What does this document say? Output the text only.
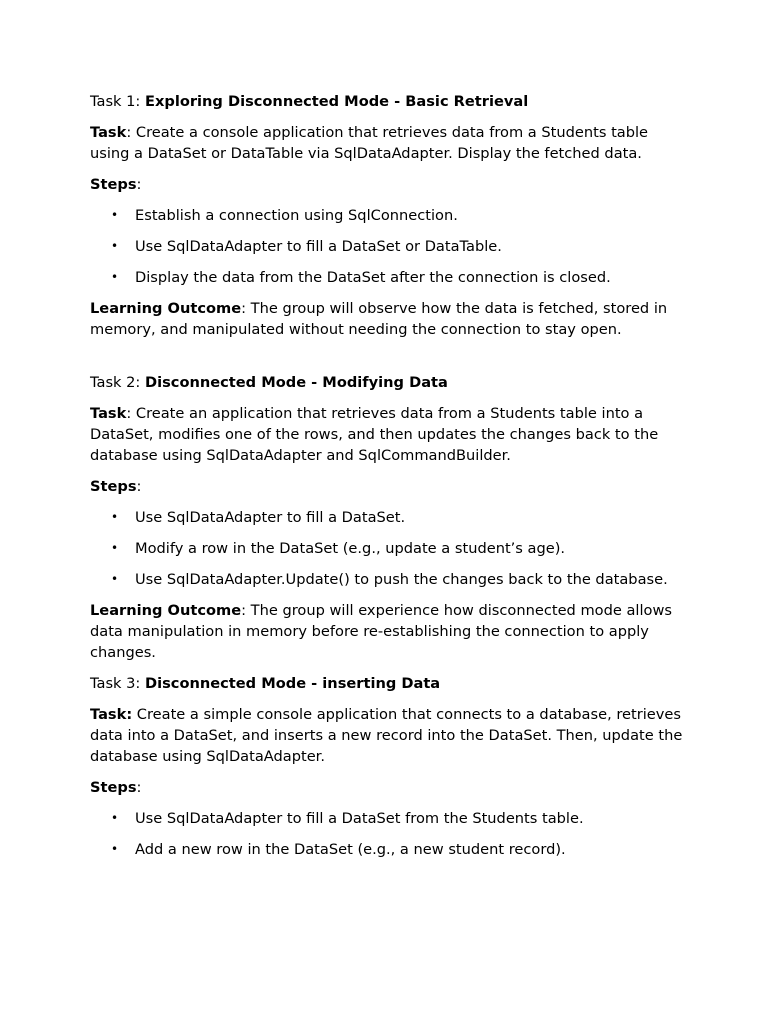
Task 1: Exploring Disconnected Mode - Basic Retrieval

Task: Create a console application that retrieves data from a Students table using a DataSet or DataTable via SqlDataAdapter. Display the fetched data.

Steps:

• Establish a connection using SqlConnection.
• Use SqlDataAdapter to fill a DataSet or DataTable.
• Display the data from the DataSet after the connection is closed.

Learning Outcome: The group will observe how the data is fetched, stored in memory, and manipulated without needing the connection to stay open.

Task 2: Disconnected Mode - Modifying Data

Task: Create an application that retrieves data from a Students table into a DataSet, modifies one of the rows, and then updates the changes back to the database using SqlDataAdapter and SqlCommandBuilder.

Steps:

• Use SqlDataAdapter to fill a DataSet.
• Modify a row in the DataSet (e.g., update a student’s age).
• Use SqlDataAdapter.Update() to push the changes back to the database.

Learning Outcome: The group will experience how disconnected mode allows data manipulation in memory before re-establishing the connection to apply changes.

Task 3: Disconnected Mode - inserting Data

Task: Create a simple console application that connects to a database, retrieves data into a DataSet, and inserts a new record into the DataSet. Then, update the database using SqlDataAdapter.

Steps:

• Use SqlDataAdapter to fill a DataSet from the Students table.
• Add a new row in the DataSet (e.g., a new student record).
